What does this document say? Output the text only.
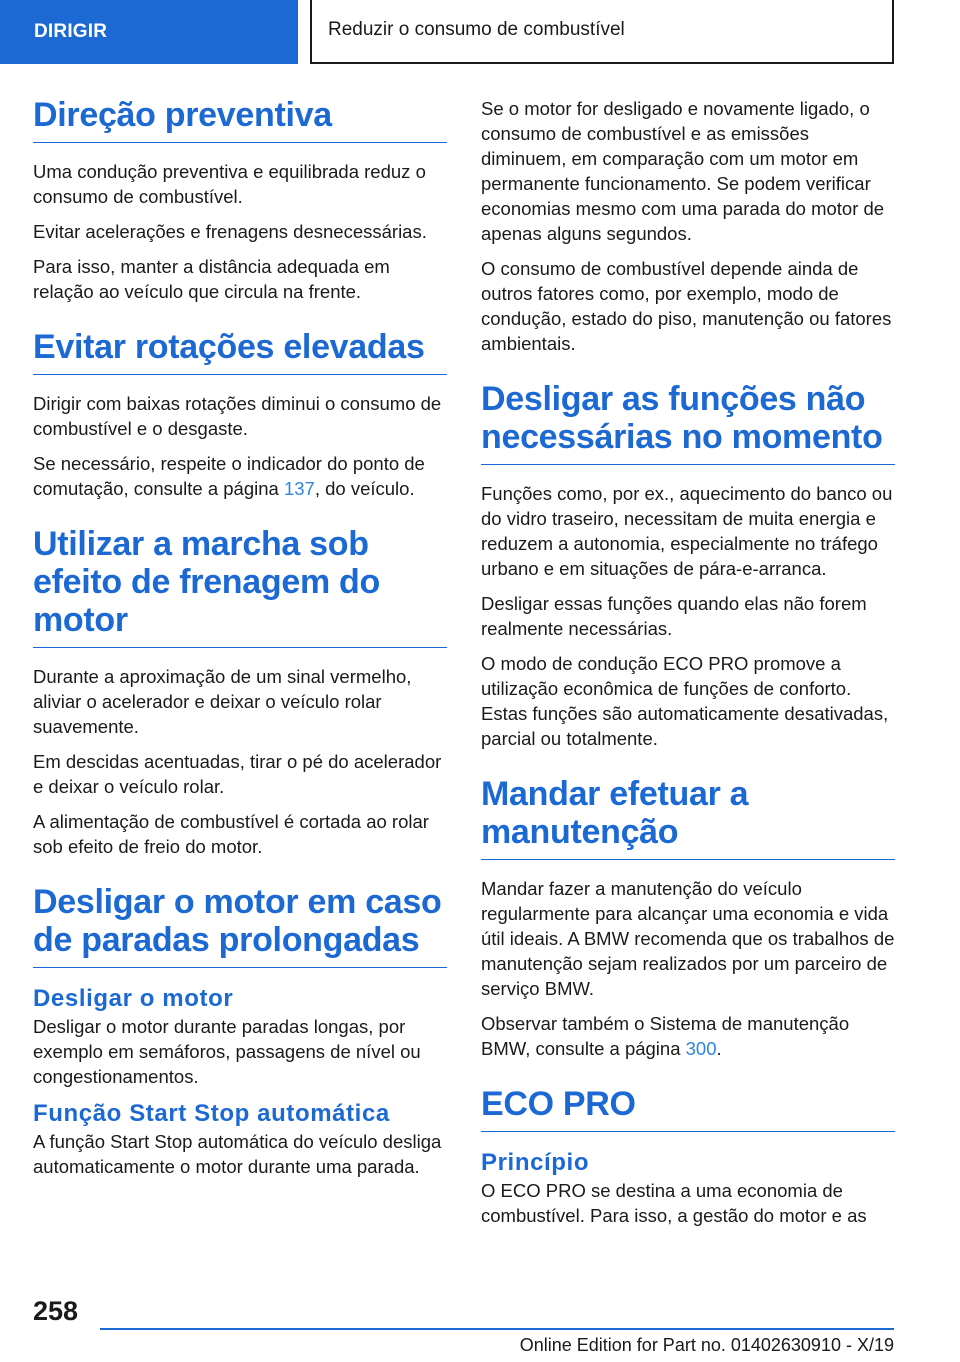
DIRIGIR	Reduzir o consumo de combustível
Direção preventiva

Uma condução preventiva e equilibrada reduz o consumo de combustível.

Evitar acelerações e frenagens desnecessárias.

Para isso, manter a distância adequada em relação ao veículo que circula na frente.

Evitar rotações elevadas

Dirigir com baixas rotações diminui o consumo de combustível e o desgaste.

Se necessário, respeite o indicador do ponto de comutação, consulte a página 137, do veículo.

Utilizar a marcha sob efeito de frenagem do motor

Durante a aproximação de um sinal vermelho, aliviar o acelerador e deixar o veículo rolar suavemente.

Em descidas acentuadas, tirar o pé do acelerador e deixar o veículo rolar.

A alimentação de combustível é cortada ao rolar sob efeito de freio do motor.

Desligar o motor em caso de paradas prolongadas
Desligar o motor

Desligar o motor durante paradas longas, por exemplo em semáforos, passagens de nível ou congestionamentos.

Função Start Stop automática

A função Start Stop automática do veículo desliga automaticamente o motor durante uma parada.

Se o motor for desligado e novamente ligado, o consumo de combustível e as emissões diminuem, em comparação com um motor em permanente funcionamento. Se podem verificar economias mesmo com uma parada do motor de apenas alguns segundos.

O consumo de combustível depende ainda de outros fatores como, por exemplo, modo de condução, estado do piso, manutenção ou fatores ambientais.

Desligar as funções não necessárias no momento

Funções como, por ex., aquecimento do banco ou do vidro traseiro, necessitam de muita energia e reduzem a autonomia, especialmente no tráfego urbano e em situações de pára-e-arranca.

Desligar essas funções quando elas não forem realmente necessárias.

O modo de condução ECO PRO promove a utilização econômica de funções de conforto. Estas funções são automaticamente desativadas, parcial ou totalmente.

Mandar efetuar a manutenção

Mandar fazer a manutenção do veículo regularmente para alcançar uma economia e vida útil ideais. A BMW recomenda que os trabalhos de manutenção sejam realizados por um parceiro de serviço BMW.

Observar também o Sistema de manutenção BMW, consulte a página 300.

ECO PRO
Princípio

O ECO PRO se destina a uma economia de combustível. Para isso, a gestão do motor e as

258
Online Edition for Part no. 01402630910 - X/19
